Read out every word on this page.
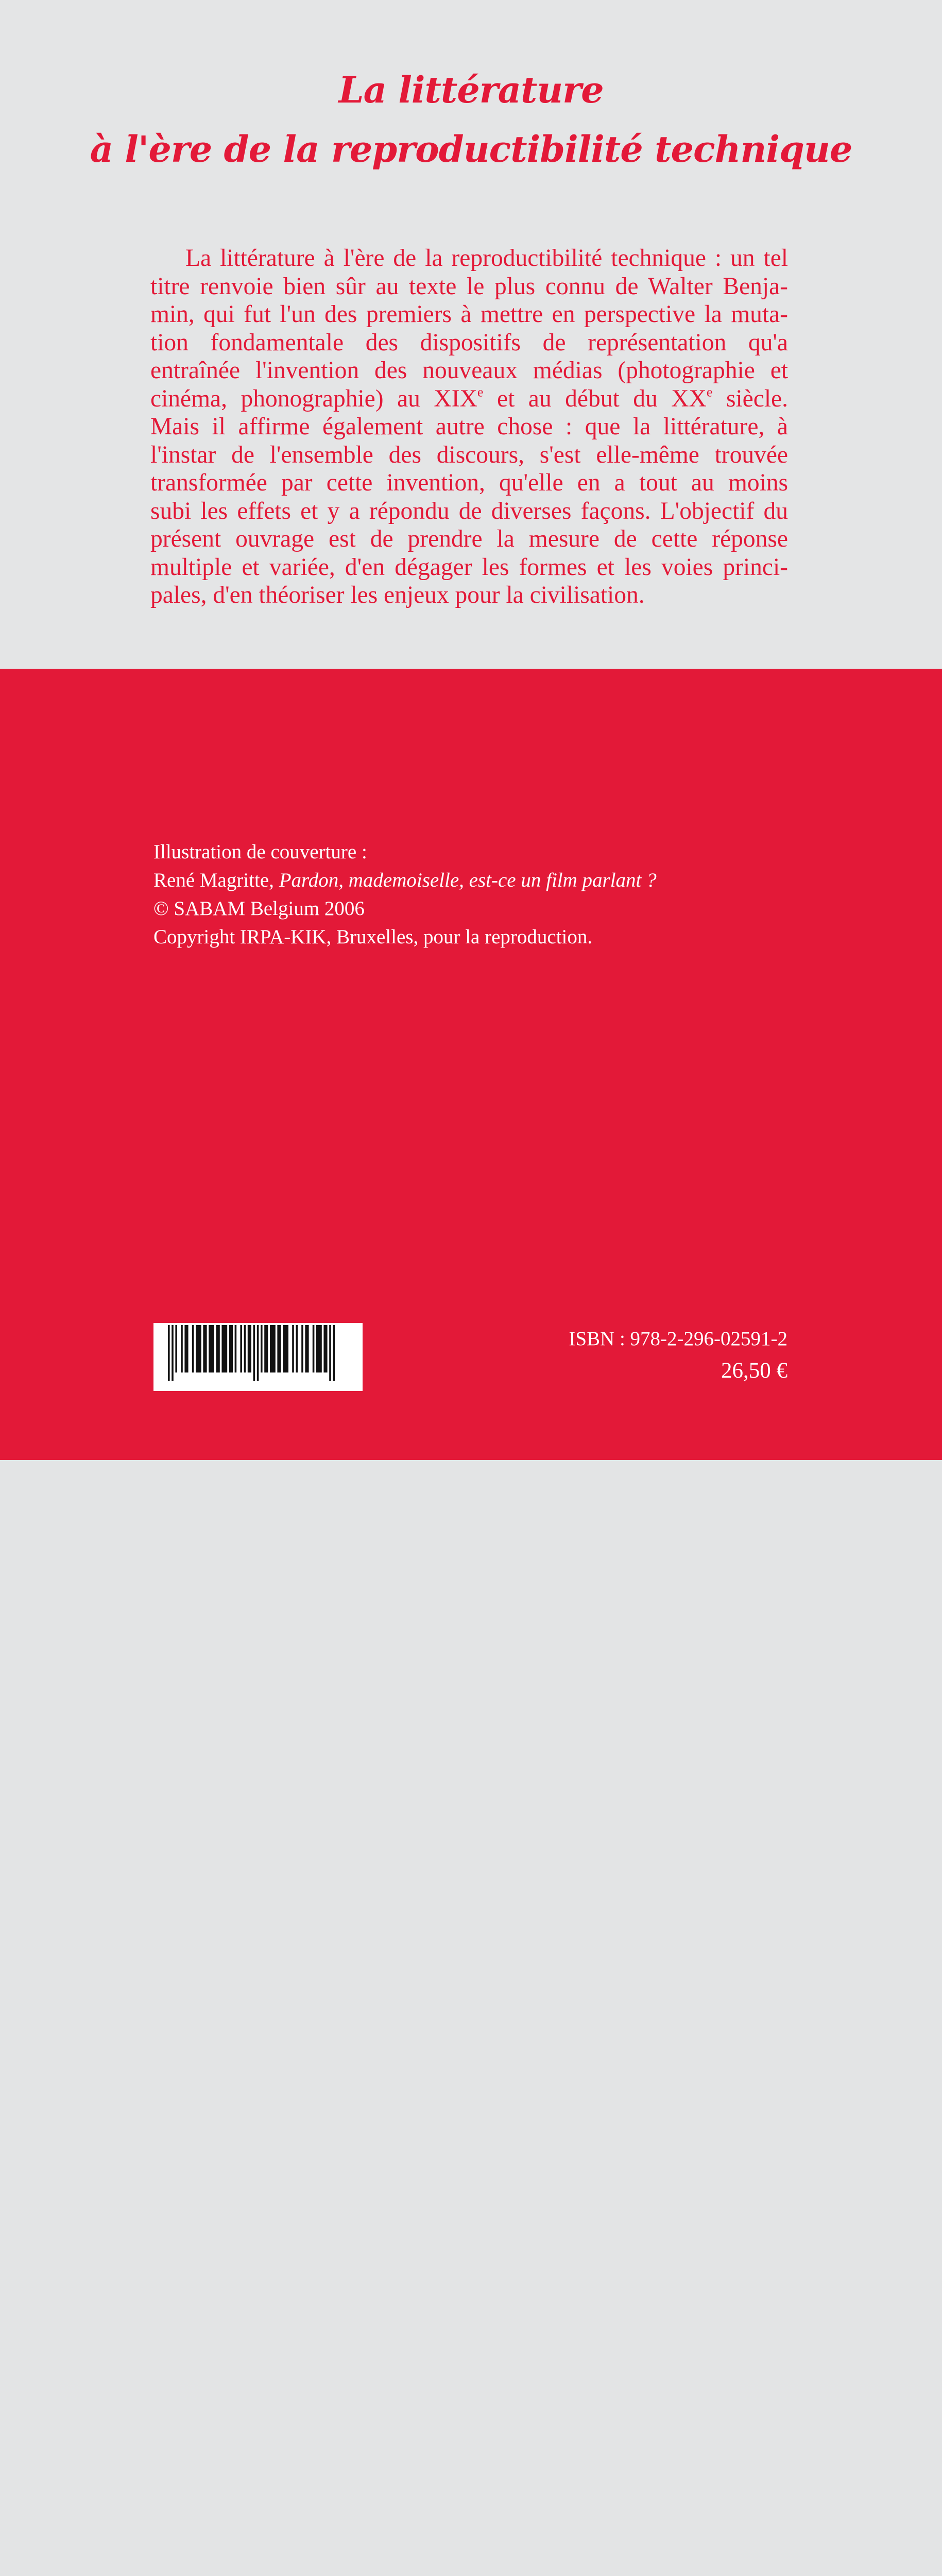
La littérature
à l'ère de la reproductibilité technique
La littérature à l'ère de la reproductibilité technique : un tel
titre renvoie bien sûr au texte le plus connu de Walter Benja-
min, qui fut l'un des premiers à mettre en perspective la muta-
tion fondamentale des dispositifs de représentation qu'a
entraînée l'invention des nouveaux médias (photographie et
cinéma, phonographie) au XIXe et au début du XXe siècle.
Mais il affirme également autre chose : que la littérature, à
l'instar de l'ensemble des discours, s'est elle-même trouvée
transformée par cette invention, qu'elle en a tout au moins
subi les effets et y a répondu de diverses façons. L'objectif du
présent ouvrage est de prendre la mesure de cette réponse
multiple et variée, d'en dégager les formes et les voies princi-
pales, d'en théoriser les enjeux pour la civilisation.
Illustration de couverture :
René Magritte, Pardon, mademoiselle, est-ce un film parlant ?
© SABAM Belgium 2006
Copyright IRPA-KIK, Bruxelles, pour la reproduction.
ISBN : 978-2-296-02591-2
26,50 €
